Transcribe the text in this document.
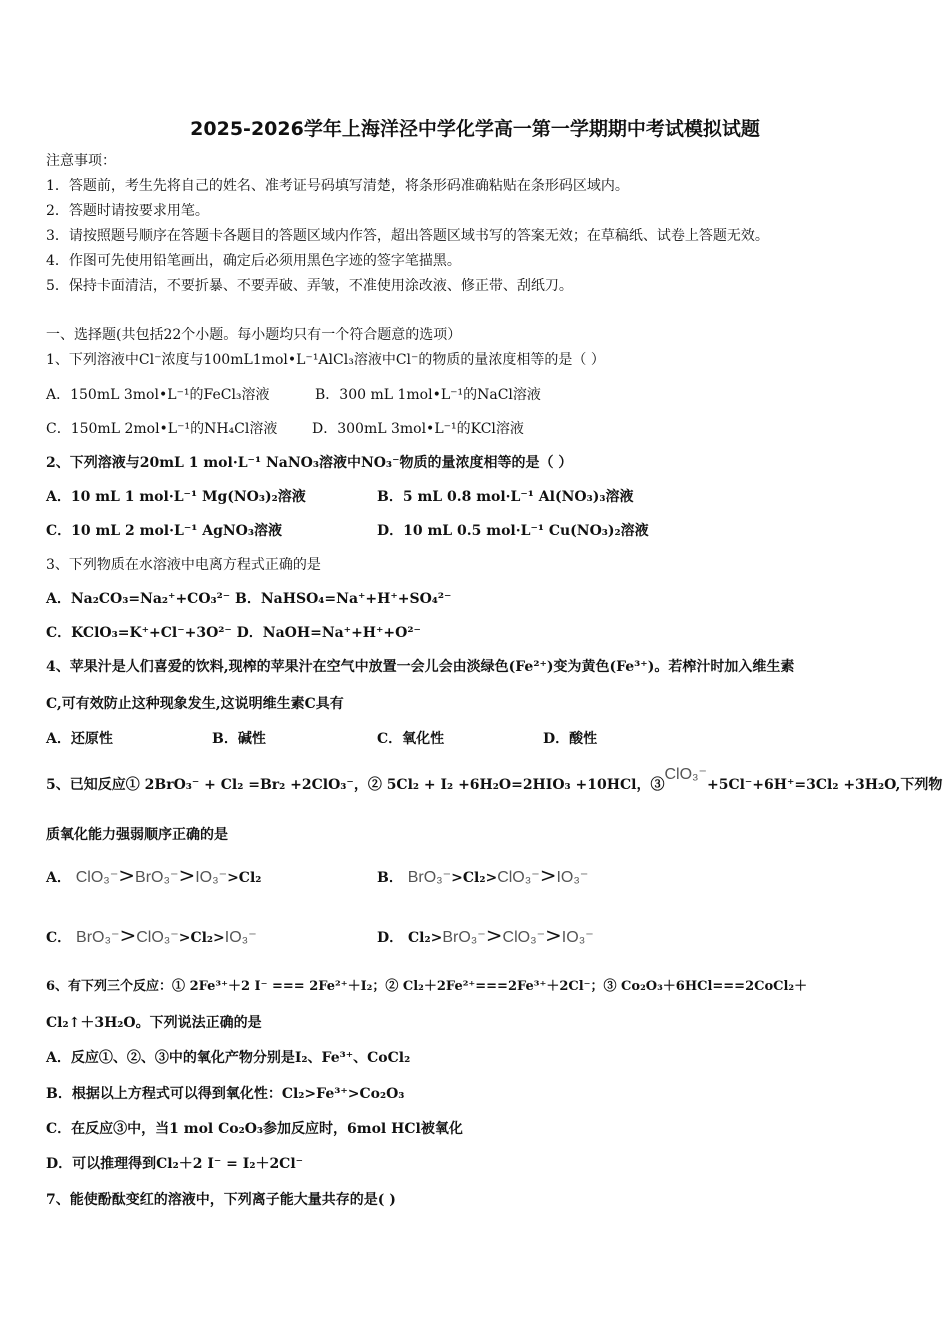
2025-2026学年上海洋泾中学化学高一第一学期期中考试模拟试题
注意事项：
1．答题前，考生先将自己的姓名、准考证号码填写清楚，将条形码准确粘贴在条形码区域内。
2．答题时请按要求用笔。
3．请按照题号顺序在答题卡各题目的答题区域内作答，超出答题区域书写的答案无效；在草稿纸、试卷上答题无效。
4．作图可先使用铅笔画出，确定后必须用黑色字迹的签字笔描黑。
5．保持卡面清洁，不要折暴、不要弄破、弄皱，不准使用涂改液、修正带、刮纸刀。
一、选择题(共包括22个小题。每小题均只有一个符合题意的选项）
1、下列溶液中Cl⁻浓度与100mL1mol•L⁻¹AlCl₃溶液中Cl⁻的物质的量浓度相等的是（ ）
A．150mL 3mol•L⁻¹的FeCl₃溶液	B．300 mL 1mol•L⁻¹的NaCl溶液
C．150mL 2mol•L⁻¹的NH₄Cl溶液 D．300mL 3mol•L⁻¹的KCl溶液
2、下列溶液与20mL 1 mol·L⁻¹ NaNO₃溶液中NO₃⁻物质的量浓度相等的是（ ）
A．10 mL 1 mol·L⁻¹ Mg(NO₃)₂溶液	B．5 mL 0.8 mol·L⁻¹ Al(NO₃)₃溶液
C．10 mL 2 mol·L⁻¹ AgNO₃溶液	D．10 mL 0.5 mol·L⁻¹ Cu(NO₃)₂溶液
3、下列物质在水溶液中电离方程式正确的是
A．Na₂CO₃=Na₂⁺+CO₃²⁻ B．NaHSO₄=Na⁺+H⁺+SO₄²⁻
C．KClO₃=K⁺+Cl⁻+3O²⁻ D．NaOH=Na⁺+H⁺+O²⁻
4、苹果汁是人们喜爱的饮料,现榨的苹果汁在空气中放置一会儿会由淡绿色(Fe²⁺)变为黄色(Fe³⁺)。若榨汁时加入维生素
C,可有效防止这种现象发生,这说明维生素C具有
A．还原性	B．碱性	C．氧化性	D．酸性
5、已知反应① 2BrO₃⁻ + Cl₂ =Br₂ +2ClO₃⁻，② 5Cl₂ + I₂ +6H₂O=2HIO₃ +10HCl，③ClO₃⁻+5Cl⁻+6H⁺=3Cl₂ +3H₂O,下列物
质氧化能力强弱顺序正确的是
A． ClO₃⁻>BrO₃⁻>IO₃⁻>Cl₂	B． BrO₃⁻>Cl₂>ClO₃⁻>IO₃⁻
C． BrO₃⁻>ClO₃⁻>Cl₂>IO₃⁻	D． Cl₂>BrO₃⁻>ClO₃⁻>IO₃⁻
6、有下列三个反应：① 2Fe³⁺＋2 I⁻ === 2Fe²⁺＋I₂；② Cl₂＋2Fe²⁺===2Fe³⁺＋2Cl⁻；③ Co₂O₃＋6HCl===2CoCl₂＋
Cl₂↑＋3H₂O。下列说法正确的是
A．反应①、②、③中的氧化产物分别是I₂、Fe³⁺、CoCl₂
B．根据以上方程式可以得到氧化性：Cl₂>Fe³⁺>Co₂O₃
C．在反应③中，当1 mol Co₂O₃参加反应时，6mol HCl被氧化
D．可以推理得到Cl₂＋2 I⁻ = I₂＋2Cl⁻
7、能使酚酞变红的溶液中，下列离子能大量共存的是( )
